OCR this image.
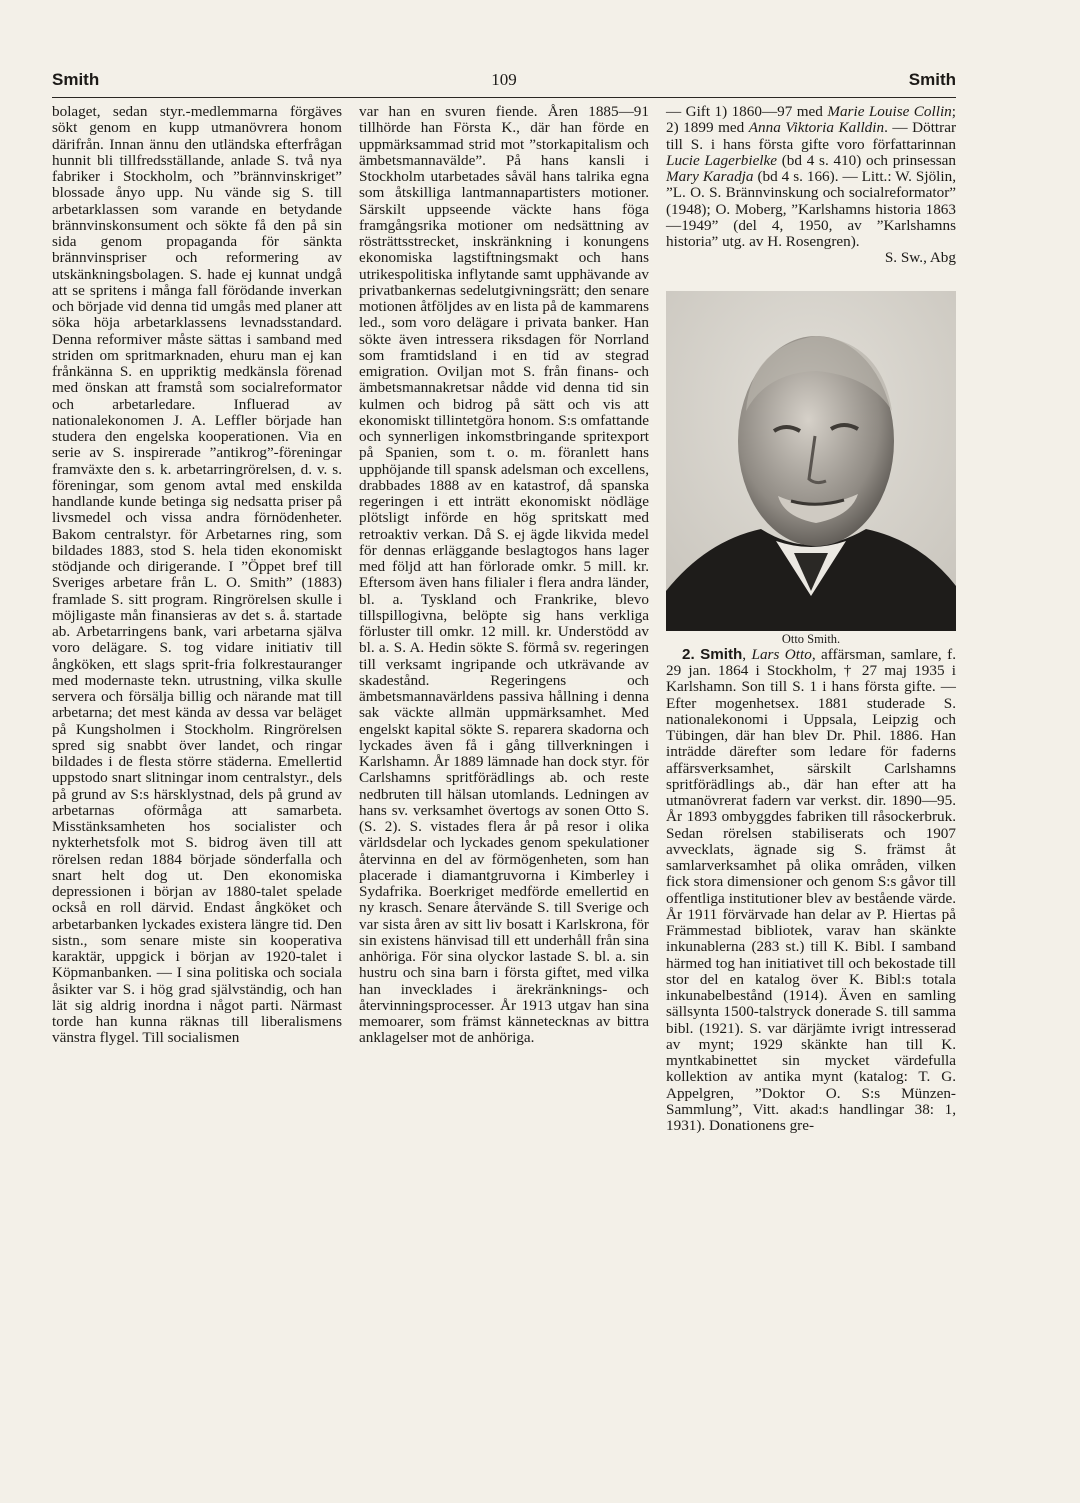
Smith	109	Smith

bolaget, sedan styr.-medlemmarna förgäves sökt genom en kupp utmanövrera honom därifrån. Innan ännu den utländska efterfrågan hunnit bli tillfredsställande, anlade S. två nya fabriker i Stockholm, och ”brännvinskriget” blossade ånyo upp. Nu vände sig S. till arbetarklassen som varande en betydande brännvinskonsument och sökte få den på sin sida genom propaganda för sänkta brännvinspriser och reformering av utskänkningsbolagen. S. hade ej kunnat undgå att se spritens i många fall förödande inverkan och började vid denna tid umgås med planer att söka höja arbetarklassens levnadsstandard. Denna reformiver måste sättas i samband med striden om spritmarknaden, ehuru man ej kan frånkänna S. en uppriktig medkänsla förenad med önskan att framstå som socialreformator och arbetarledare. Influerad av nationalekonomen J. A. Leffler började han studera den engelska kooperationen. Via en serie av S. inspirerade ”antikrog”-föreningar framväxte den s. k. arbetarringrörelsen, d. v. s. föreningar, som genom avtal med enskilda handlande kunde betinga sig nedsatta priser på livsmedel och vissa andra förnödenheter. Bakom centralstyr. för Arbetarnes ring, som bildades 1883, stod S. hela tiden ekonomiskt stödjande och dirigerande. I ”Öppet bref till Sveriges arbetare från L. O. Smith” (1883) framlade S. sitt program. Ringrörelsen skulle i möjligaste mån finansieras av det s. å. startade ab. Arbetarringens bank, vari arbetarna själva voro delägare. S. tog vidare initiativ till ångköken, ett slags sprit-fria folkrestauranger med modernaste tekn. utrustning, vilka skulle servera och försälja billig och närande mat till arbetarna; det mest kända av dessa var beläget på Kungsholmen i Stockholm. Ringrörelsen spred sig snabbt över landet, och ringar bildades i de flesta större städerna. Emellertid uppstodo snart slitningar inom centralstyr., dels på grund av S:s härsklystnad, dels på grund av arbetarnas oförmåga att samarbeta. Misstänksamheten hos socialister och nykterhetsfolk mot S. bidrog även till att rörelsen redan 1884 började sönderfalla och snart helt dog ut. Den ekonomiska depressionen i början av 1880-talet spelade också en roll därvid. Endast ångköket och arbetarbanken lyckades existera längre tid. Den sistn., som senare miste sin kooperativa karaktär, uppgick i början av 1920-talet i Köpmanbanken. — I sina politiska och sociala åsikter var S. i hög grad självständig, och han lät sig aldrig inordna i något parti. Närmast torde han kunna räknas till liberalismens vänstra flygel. Till socialismen

var han en svuren fiende. Åren 1885—91 tillhörde han Första K., där han förde en uppmärksammad strid mot ”storkapitalism och ämbetsmannavälde”. På hans kansli i Stockholm utarbetades såväl hans talrika egna som åtskilliga lantmannapartisters motioner. Särskilt uppseende väckte hans föga framgångsrika motioner om nedsättning av rösträttsstrecket, inskränkning i konungens ekonomiska lagstiftningsmakt och hans utrikespolitiska inflytande samt upphävande av privatbankernas sedelutgivningsrätt; den senare motionen åtföljdes av en lista på de kammarens led., som voro delägare i privata banker. Han sökte även intressera riksdagen för Norrland som framtidsland i en tid av stegrad emigration. Oviljan mot S. från finans- och ämbetsmannakretsar nådde vid denna tid sin kulmen och bidrog på sätt och vis att ekonomiskt tillintetgöra honom. S:s omfattande och synnerligen inkomstbringande spritexport på Spanien, som t. o. m. föranlett hans upphöjande till spansk adelsman och excellens, drabbades 1888 av en katastrof, då spanska regeringen i ett inträtt ekonomiskt nödläge plötsligt införde en hög spritskatt med retroaktiv verkan. Då S. ej ägde likvida medel för dennas erläggande beslagtogos hans lager med följd att han förlorade omkr. 5 mill. kr. Eftersom även hans filialer i flera andra länder, bl. a. Tyskland och Frankrike, blevo tillspillogivna, belöpte sig hans verkliga förluster till omkr. 12 mill. kr. Understödd av bl. a. S. A. Hedin sökte S. förmå sv. regeringen till verksamt ingripande och utkrävande av skadestånd. Regeringens och ämbetsmannavärldens passiva hållning i denna sak väckte allmän uppmärksamhet. Med engelskt kapital sökte S. reparera skadorna och lyckades även få i gång tillverkningen i Karlshamn. År 1889 lämnade han dock styr. för Carlshamns spritförädlings ab. och reste nedbruten till hälsan utomlands. Ledningen av hans sv. verksamhet övertogs av sonen Otto S. (S. 2). S. vistades flera år på resor i olika världsdelar och lyckades genom spekulationer återvinna en del av förmögenheten, som han placerade i diamantgruvorna i Kimberley i Sydafrika. Boerkriget medförde emellertid en ny krasch. Senare återvände S. till Sverige och var sista åren av sitt liv bosatt i Karlskrona, för sin existens hänvisad till ett underhåll från sina anhöriga. För sina olyckor lastade S. bl. a. sin hustru och sina barn i första giftet, med vilka han invecklades i ärekränknings- och återvinningsprocesser. År 1913 utgav han sina memoarer, som främst kännetecknas av bittra anklagelser mot de anhöriga.

— Gift 1) 1860—97 med Marie Louise Collin; 2) 1899 med Anna Viktoria Kalldin. — Döttrar till S. i hans första gifte voro författarinnan Lucie Lagerbielke (bd 4 s. 410) och prinsessan Mary Karadja (bd 4 s. 166). — Litt.: W. Sjölin, ”L. O. S. Brännvinskung och socialreformator” (1948); O. Moberg, ”Karlshamns historia 1863—1949” (del 4, 1950, av ”Karlshamns historia” utg. av H. Rosengren).

S. Sw., Abg

Otto Smith.

2. Smith, Lars Otto, affärsman, samlare, f. 29 jan. 1864 i Stockholm, † 27 maj 1935 i Karlshamn. Son till S. 1 i hans första gifte. — Efter mogenhetsex. 1881 studerade S. nationalekonomi i Uppsala, Leipzig och Tübingen, där han blev Dr. Phil. 1886. Han inträdde därefter som ledare för faderns affärsverksamhet, särskilt Carlshamns spritförädlings ab., där han efter att ha utmanövrerat fadern var verkst. dir. 1890—95. År 1893 ombyggdes fabriken till råsockerbruk. Sedan rörelsen stabiliserats och 1907 avvecklats, ägnade sig S. främst åt samlarverksamhet på olika områden, vilken fick stora dimensioner och genom S:s gåvor till offentliga institutioner blev av bestående värde. År 1911 förvärvade han delar av P. Hiertas på Främmestad bibliotek, varav han skänkte inkunablerna (283 st.) till K. Bibl. I samband härmed tog han initiativet till och bekostade till stor del en katalog över K. Bibl:s totala inkunabelbestånd (1914). Även en samling sällsynta 1500-talstryck donerade S. till samma bibl. (1921). S. var därjämte ivrigt intresserad av mynt; 1929 skänkte han till K. myntkabinettet sin mycket värdefulla kollektion av antika mynt (katalog: T. G. Appelgren, ”Doktor O. S:s Münzen-Sammlung”, Vitt. akad:s handlingar 38: 1, 1931). Donationens gre-
